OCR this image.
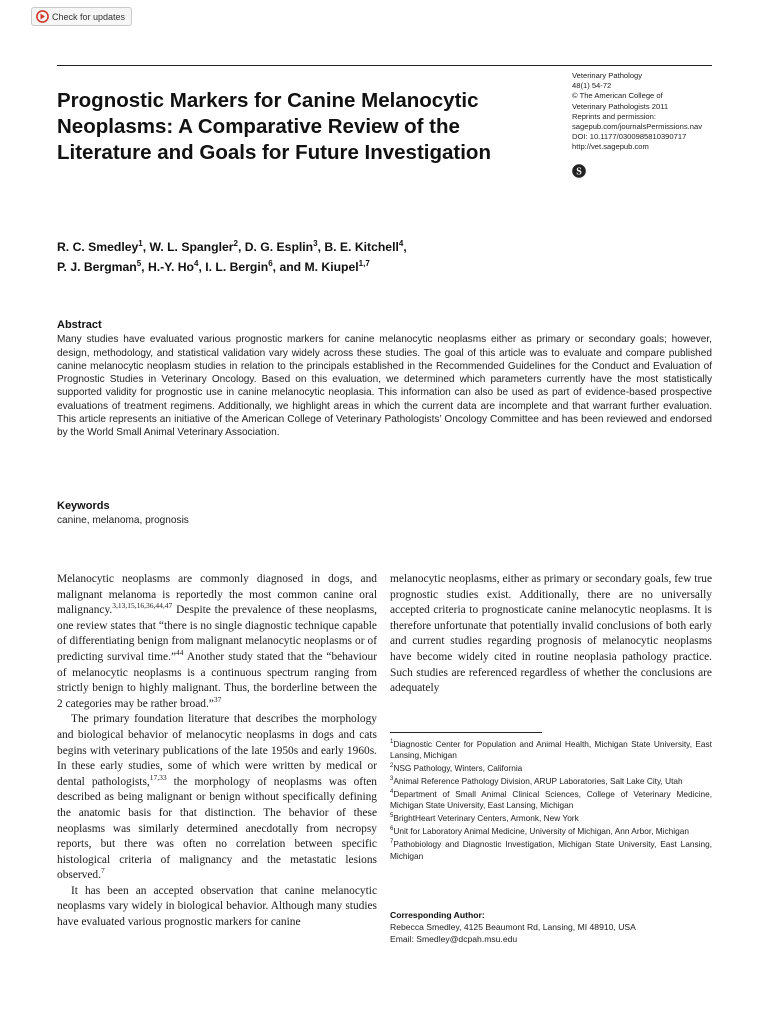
Check for updates
Veterinary Pathology
48(1) 54-72
© The American College of
Veterinary Pathologists 2011
Reprints and permission:
sagepub.com/journalsPermissions.nav
DOI: 10.1177/0300985810390717
http://vet.sagepub.com
S
Prognostic Markers for Canine Melanocytic Neoplasms: A Comparative Review of the Literature and Goals for Future Investigation

R. C. Smedley$^1$, W. L. Spangler$^2$, D. G. Esplin$^3$, B. E. Kitchell$^4$,
P. J. Bergman$^5$, H.-Y. Ho$^4$, I. L. Bergin$^6$, and M. Kiupel$^{1,7}$

Abstract

Many studies have evaluated various prognostic markers for canine melanocytic neoplasms either as primary or secondary goals; however, design, methodology, and statistical validation vary widely across these studies. The goal of this article was to evaluate and compare published canine melanocytic neoplasm studies in relation to the principals established in the Recommended Guidelines for the Conduct and Evaluation of Prognostic Studies in Veterinary Oncology. Based on this evaluation, we determined which parameters currently have the most statistically supported validity for prognostic use in canine melanocytic neoplasia. This information can also be used as part of evidence-based prospective evaluations of treatment regimens. Additionally, we highlight areas in which the current data are incomplete and that warrant further evaluation. This article represents an initiative of the American College of Veterinary Pathologists’ Oncology Committee and has been reviewed and endorsed by the World Small Animal Veterinary Association.

Keywords

canine, melanoma, prognosis

Melanocytic neoplasms are commonly diagnosed in dogs, and malignant melanoma is reportedly the most common canine oral malignancy.$^{3,13,15,16,36,44,47}$ Despite the prevalence of these neoplasms, one review states that “there is no single diagnostic technique capable of differentiating benign from malignant melanocytic neoplasms or of predicting survival time.”$^{44}$ Another study stated that the “behaviour of melanocytic neoplasms is a continuous spectrum ranging from strictly benign to highly malignant. Thus, the borderline between the 2 categories may be rather broad.”$^{37}$

The primary foundation literature that describes the morphology and biological behavior of melanocytic neoplasms in dogs and cats begins with veterinary publications of the late 1950s and early 1960s. In these early studies, some of which were written by medical or dental pathologists,$^{17,33}$ the morphology of neoplasms was often described as being malignant or benign without specifically defining the anatomic basis for that distinction. The behavior of these neoplasms was similarly determined anecdotally from necropsy reports, but there was often no correlation between specific histological criteria of malignancy and the metastatic lesions observed.$^7$

It has been an accepted observation that canine melanocytic neoplasms vary widely in biological behavior. Although many studies have evaluated various prognostic markers for canine

melanocytic neoplasms, either as primary or secondary goals, few true prognostic studies exist. Additionally, there are no universally accepted criteria to prognosticate canine melanocytic neoplasms. It is therefore unfortunate that potentially invalid conclusions of both early and current studies regarding prognosis of melanocytic neoplasms have become widely cited in routine neoplasia pathology practice. Such studies are referenced regardless of whether the conclusions are adequately

$^1$Diagnostic Center for Population and Animal Health, Michigan State University, East Lansing, Michigan
$^2$NSG Pathology, Winters, California
$^3$Animal Reference Pathology Division, ARUP Laboratories, Salt Lake City, Utah
$^4$Department of Small Animal Clinical Sciences, College of Veterinary Medicine, Michigan State University, East Lansing, Michigan
$^5$BrightHeart Veterinary Centers, Armonk, New York
$^6$Unit for Laboratory Animal Medicine, University of Michigan, Ann Arbor, Michigan
$^7$Pathobiology and Diagnostic Investigation, Michigan State University, East Lansing, Michigan
Corresponding Author:
Rebecca Smedley, 4125 Beaumont Rd, Lansing, MI 48910, USA
Email: Smedley@dcpah.msu.edu
